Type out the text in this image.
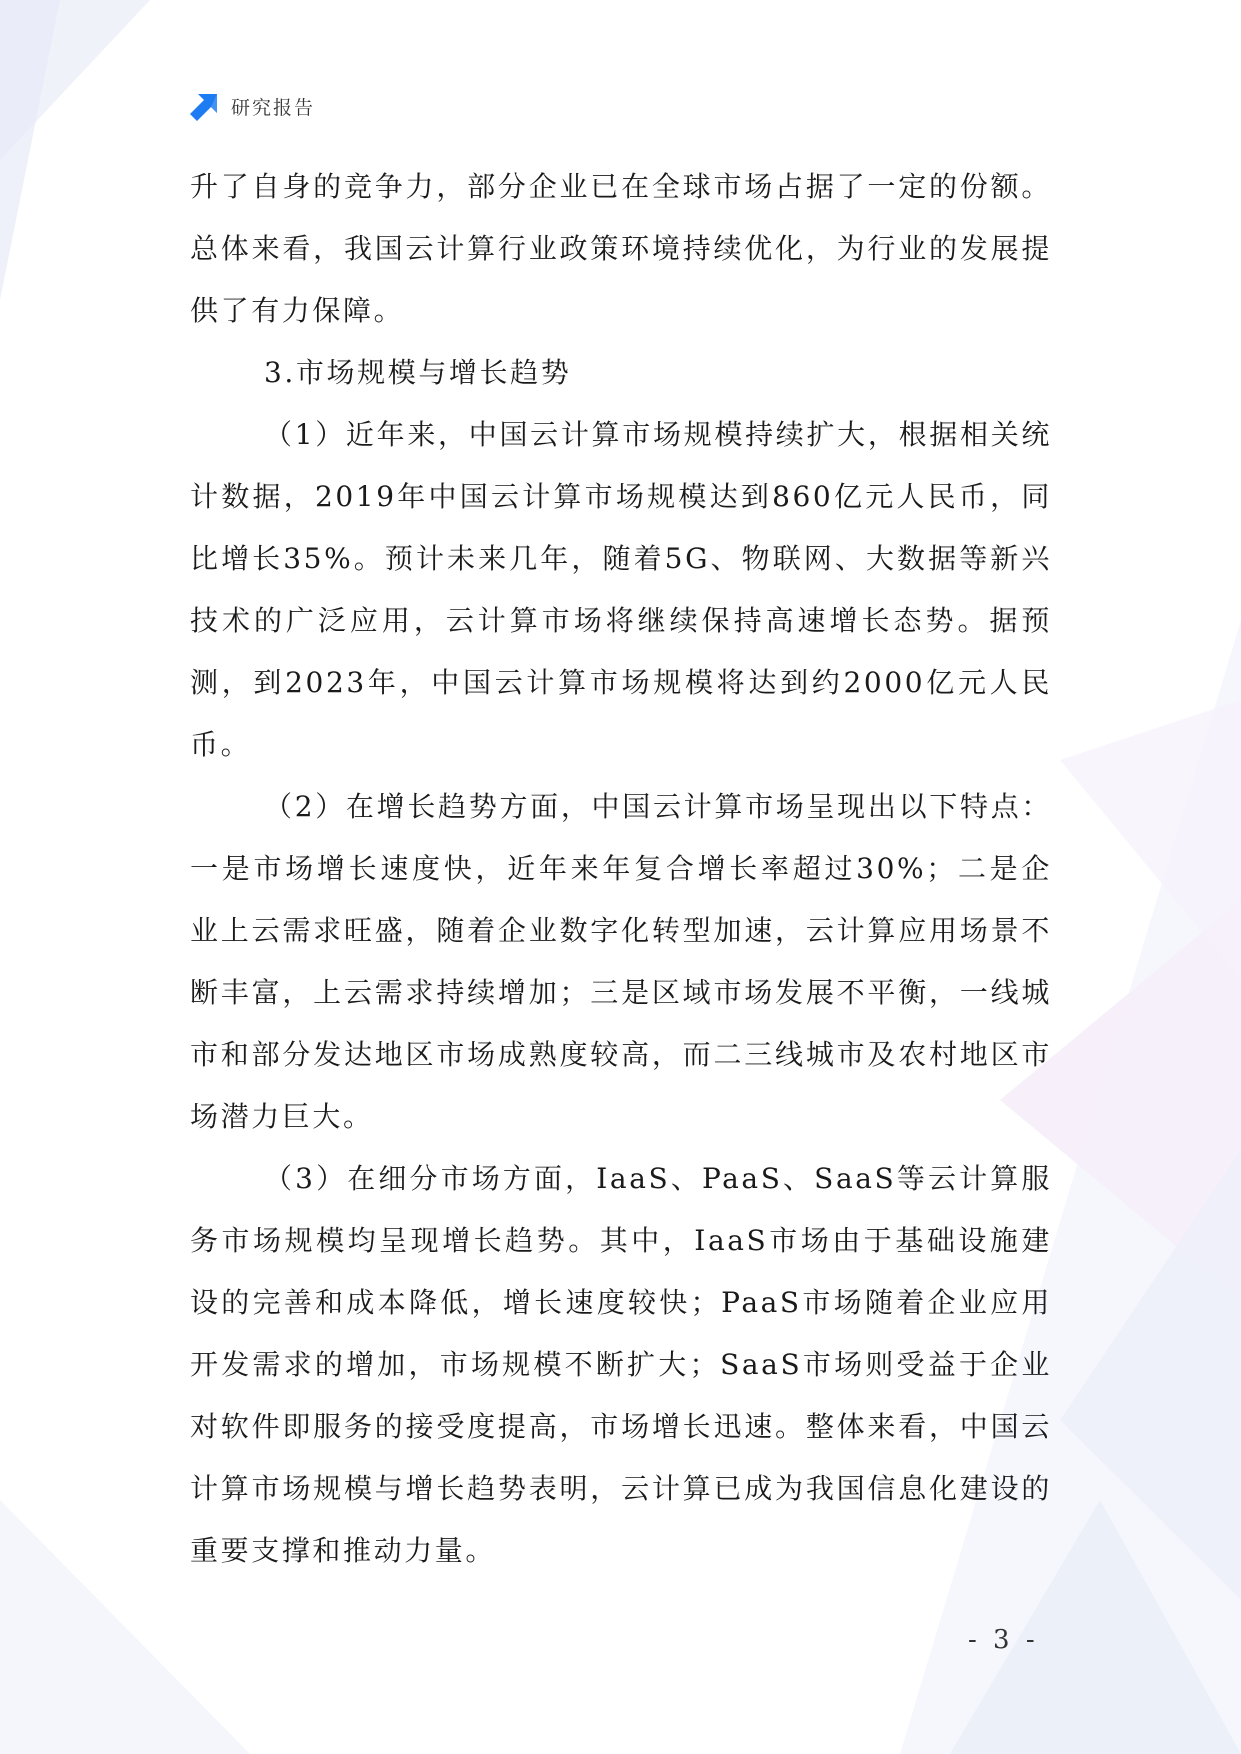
研究报告

升了自身的竞争力，部分企业已在全球市场占据了一定的份额。总体来看，我国云计算行业政策环境持续优化，为行业的发展提供了有力保障。

3.市场规模与增长趋势

（1）近年来，中国云计算市场规模持续扩大，根据相关统计数据，2019年中国云计算市场规模达到860亿元人民币，同比增长35%。预计未来几年，随着5G、物联网、大数据等新兴技术的广泛应用，云计算市场将继续保持高速增长态势。据预测，到2023年，中国云计算市场规模将达到约2000亿元人民币。

（2）在增长趋势方面，中国云计算市场呈现出以下特点：一是市场增长速度快，近年来年复合增长率超过30%；二是企业上云需求旺盛，随着企业数字化转型加速，云计算应用场景不断丰富，上云需求持续增加；三是区域市场发展不平衡，一线城市和部分发达地区市场成熟度较高，而二三线城市及农村地区市场潜力巨大。

（3）在细分市场方面，IaaS、PaaS、SaaS等云计算服务市场规模均呈现增长趋势。其中，IaaS市场由于基础设施建设的完善和成本降低，增长速度较快；PaaS市场随着企业应用开发需求的增加，市场规模不断扩大；SaaS市场则受益于企业对软件即服务的接受度提高，市场增长迅速。整体来看，中国云计算市场规模与增长趋势表明，云计算已成为我国信息化建设的重要支撑和推动力量。

- 3 -
